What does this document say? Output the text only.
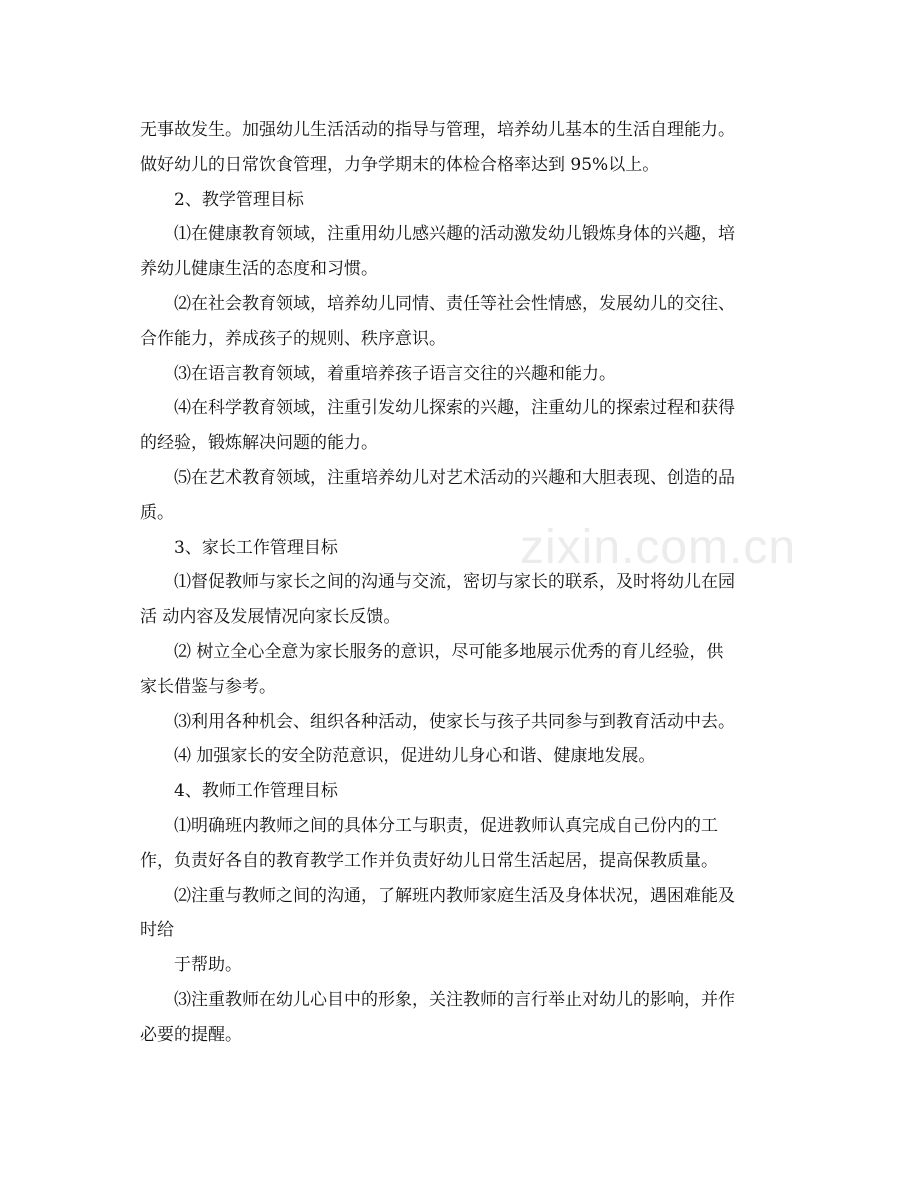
zixin.com.cn
无事故发生。加强幼儿生活活动的指导与管理，培养幼儿基本的生活自理能力。
做好幼儿的日常饮食管理，力争学期末的体检合格率达到 95%以上。
2、教学管理目标
⑴在健康教育领域，注重用幼儿感兴趣的活动激发幼儿锻炼身体的兴趣，培
养幼儿健康生活的态度和习惯。
⑵在社会教育领域，培养幼儿同情、责任等社会性情感，发展幼儿的交往、
合作能力，养成孩子的规则、秩序意识。
⑶在语言教育领域，着重培养孩子语言交往的兴趣和能力。
⑷在科学教育领域，注重引发幼儿探索的兴趣，注重幼儿的探索过程和获得
的经验，锻炼解决问题的能力。
⑸在艺术教育领域，注重培养幼儿对艺术活动的兴趣和大胆表现、创造的品
质。
3、家长工作管理目标
⑴督促教师与家长之间的沟通与交流，密切与家长的联系，及时将幼儿在园
活 动内容及发展情况向家长反馈。
⑵ 树立全心全意为家长服务的意识，尽可能多地展示优秀的育儿经验，供
家长借鉴与参考。
⑶利用各种机会、组织各种活动，使家长与孩子共同参与到教育活动中去。
⑷ 加强家长的安全防范意识，促进幼儿身心和谐、健康地发展。
4、教师工作管理目标
⑴明确班内教师之间的具体分工与职责，促进教师认真完成自己份内的工
作，负责好各自的教育教学工作并负责好幼儿日常生活起居，提高保教质量。
⑵注重与教师之间的沟通，了解班内教师家庭生活及身体状况，遇困难能及
时给
于帮助。
⑶注重教师在幼儿心目中的形象，关注教师的言行举止对幼儿的影响，并作
必要的提醒。
